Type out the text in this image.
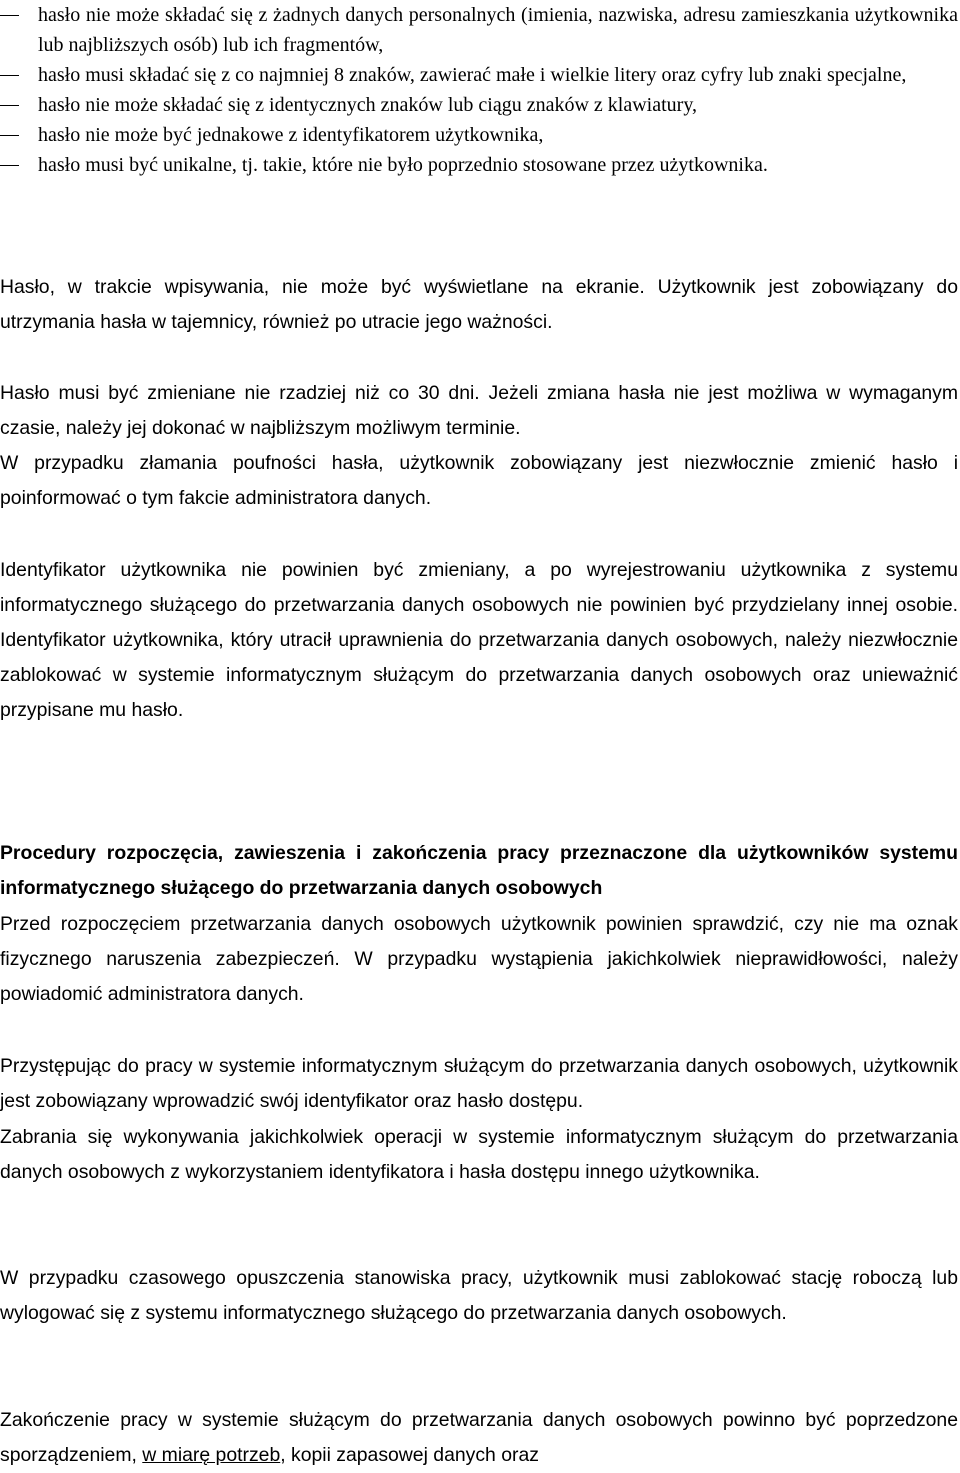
hasło nie może składać się z żadnych danych personalnych (imienia, nazwiska, adresu zamieszkania użytkownika lub najbliższych osób) lub ich fragmentów,
hasło musi składać się z co najmniej 8 znaków, zawierać małe i wielkie litery oraz cyfry lub znaki specjalne,
hasło nie może składać się z identycznych znaków lub ciągu znaków z klawiatury,
hasło nie może być jednakowe z identyfikatorem użytkownika,
hasło musi być unikalne, tj. takie, które nie było poprzednio stosowane przez użytkownika.

Hasło, w trakcie wpisywania, nie może być wyświetlane na ekranie. Użytkownik jest zobowiązany do utrzymania hasła w tajemnicy, również po utracie jego ważności.

Hasło musi być zmieniane nie rzadziej niż co 30 dni. Jeżeli zmiana hasła nie jest możliwa w wymaganym czasie, należy jej dokonać w najbliższym możliwym terminie.

W przypadku złamania poufności hasła, użytkownik zobowiązany jest niezwłocznie zmienić hasło i poinformować o tym fakcie administratora danych.

Identyfikator użytkownika nie powinien być zmieniany, a po wyrejestrowaniu użytkownika z systemu informatycznego służącego do przetwarzania danych osobowych nie powinien być przydzielany innej osobie. Identyfikator użytkownika, który utracił uprawnienia do przetwarzania danych osobowych, należy niezwłocznie zablokować w systemie informatycznym służącym do przetwarzania danych osobowych oraz unieważnić przypisane mu hasło.

Procedury rozpoczęcia, zawieszenia i zakończenia pracy przeznaczone dla użytkowników systemu informatycznego służącego do przetwarzania danych osobowych

Przed rozpoczęciem przetwarzania danych osobowych użytkownik powinien sprawdzić, czy nie ma oznak fizycznego naruszenia zabezpieczeń. W przypadku wystąpienia jakichkolwiek nieprawidłowości, należy powiadomić administratora danych.

Przystępując do pracy w systemie informatycznym służącym do przetwarzania danych osobowych, użytkownik jest zobowiązany wprowadzić swój identyfikator oraz hasło dostępu.

Zabrania się wykonywania jakichkolwiek operacji w systemie informatycznym służącym do przetwarzania danych osobowych z wykorzystaniem identyfikatora i hasła dostępu innego użytkownika.

W przypadku czasowego opuszczenia stanowiska pracy, użytkownik musi zablokować stację roboczą lub wylogować się z systemu informatycznego służącego do przetwarzania danych osobowych.

Zakończenie pracy w systemie służącym do przetwarzania danych osobowych powinno być poprzedzone sporządzeniem, w miarę potrzeb, kopii zapasowej danych oraz
